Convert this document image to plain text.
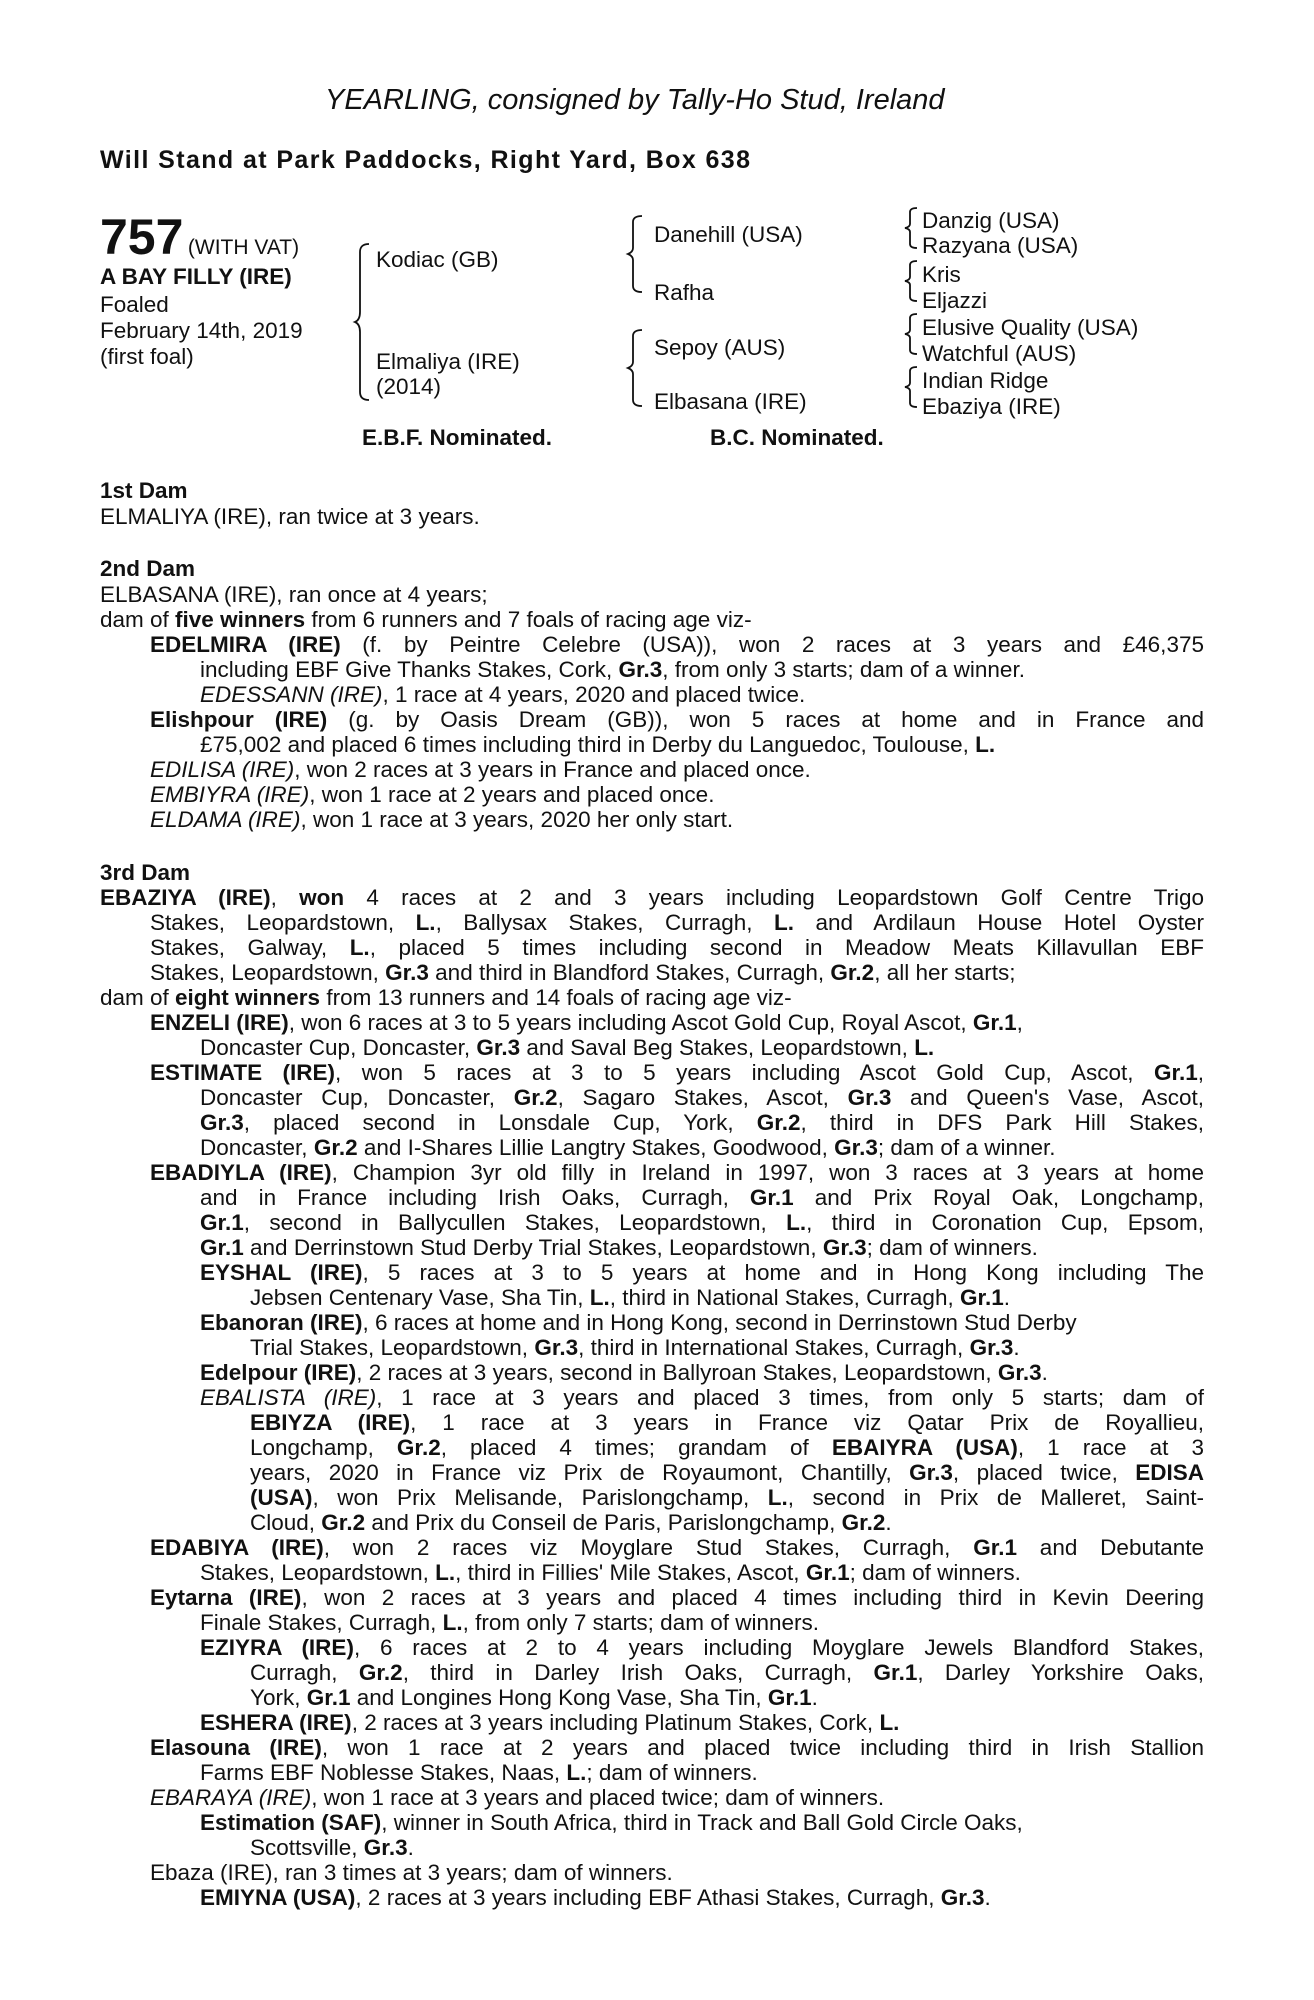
YEARLING, consigned by Tally-Ho Stud, Ireland
Will Stand at Park Paddocks, Right Yard, Box 638
757 (WITH VAT)
A BAY FILLY (IRE)
Foaled
February 14th, 2019
(first foal)
Kodiac (GB)
Elmaliya (IRE)
(2014)
Danehill (USA)
Rafha
Sepoy (AUS)
Elbasana (IRE)
Danzig (USA)
Razyana (USA)
Kris
Eljazzi
Elusive Quality (USA)
Watchful (AUS)
Indian Ridge
Ebaziya (IRE)
E.B.F. Nominated.	B.C. Nominated.
1st Dam
ELMALIYA (IRE), ran twice at 3 years.
2nd Dam
ELBASANA (IRE), ran once at 4 years;
dam of five winners from 6 runners and 7 foals of racing age viz-
EDELMIRA (IRE) (f. by Peintre Celebre (USA)), won 2 races at 3 years and £46,375
including EBF Give Thanks Stakes, Cork, Gr.3, from only 3 starts; dam of a winner.
EDESSANN (IRE), 1 race at 4 years, 2020 and placed twice.
Elishpour (IRE) (g. by Oasis Dream (GB)), won 5 races at home and in France and
£75,002 and placed 6 times including third in Derby du Languedoc, Toulouse, L.
EDILISA (IRE), won 2 races at 3 years in France and placed once.
EMBIYRA (IRE), won 1 race at 2 years and placed once.
ELDAMA (IRE), won 1 race at 3 years, 2020 her only start.
3rd Dam
EBAZIYA (IRE), won 4 races at 2 and 3 years including Leopardstown Golf Centre Trigo
Stakes, Leopardstown, L., Ballysax Stakes, Curragh, L. and Ardilaun House Hotel Oyster
Stakes, Galway, L., placed 5 times including second in Meadow Meats Killavullan EBF
Stakes, Leopardstown, Gr.3 and third in Blandford Stakes, Curragh, Gr.2, all her starts;
dam of eight winners from 13 runners and 14 foals of racing age viz-
ENZELI (IRE), won 6 races at 3 to 5 years including Ascot Gold Cup, Royal Ascot, Gr.1,
Doncaster Cup, Doncaster, Gr.3 and Saval Beg Stakes, Leopardstown, L.
ESTIMATE (IRE), won 5 races at 3 to 5 years including Ascot Gold Cup, Ascot, Gr.1,
Doncaster Cup, Doncaster, Gr.2, Sagaro Stakes, Ascot, Gr.3 and Queen's Vase, Ascot,
Gr.3, placed second in Lonsdale Cup, York, Gr.2, third in DFS Park Hill Stakes,
Doncaster, Gr.2 and I-Shares Lillie Langtry Stakes, Goodwood, Gr.3; dam of a winner.
EBADIYLA (IRE), Champion 3yr old filly in Ireland in 1997, won 3 races at 3 years at home
and in France including Irish Oaks, Curragh, Gr.1 and Prix Royal Oak, Longchamp,
Gr.1, second in Ballycullen Stakes, Leopardstown, L., third in Coronation Cup, Epsom,
Gr.1 and Derrinstown Stud Derby Trial Stakes, Leopardstown, Gr.3; dam of winners.
EYSHAL (IRE), 5 races at 3 to 5 years at home and in Hong Kong including The
Jebsen Centenary Vase, Sha Tin, L., third in National Stakes, Curragh, Gr.1.
Ebanoran (IRE), 6 races at home and in Hong Kong, second in Derrinstown Stud Derby
Trial Stakes, Leopardstown, Gr.3, third in International Stakes, Curragh, Gr.3.
Edelpour (IRE), 2 races at 3 years, second in Ballyroan Stakes, Leopardstown, Gr.3.
EBALISTA (IRE), 1 race at 3 years and placed 3 times, from only 5 starts; dam of
EBIYZA (IRE), 1 race at 3 years in France viz Qatar Prix de Royallieu,
Longchamp, Gr.2, placed 4 times; grandam of EBAIYRA (USA), 1 race at 3
years, 2020 in France viz Prix de Royaumont, Chantilly, Gr.3, placed twice, EDISA
(USA), won Prix Melisande, Parislongchamp, L., second in Prix de Malleret, Saint-
Cloud, Gr.2 and Prix du Conseil de Paris, Parislongchamp, Gr.2.
EDABIYA (IRE), won 2 races viz Moyglare Stud Stakes, Curragh, Gr.1 and Debutante
Stakes, Leopardstown, L., third in Fillies' Mile Stakes, Ascot, Gr.1; dam of winners.
Eytarna (IRE), won 2 races at 3 years and placed 4 times including third in Kevin Deering
Finale Stakes, Curragh, L., from only 7 starts; dam of winners.
EZIYRA (IRE), 6 races at 2 to 4 years including Moyglare Jewels Blandford Stakes,
Curragh, Gr.2, third in Darley Irish Oaks, Curragh, Gr.1, Darley Yorkshire Oaks,
York, Gr.1 and Longines Hong Kong Vase, Sha Tin, Gr.1.
ESHERA (IRE), 2 races at 3 years including Platinum Stakes, Cork, L.
Elasouna (IRE), won 1 race at 2 years and placed twice including third in Irish Stallion
Farms EBF Noblesse Stakes, Naas, L.; dam of winners.
EBARAYA (IRE), won 1 race at 3 years and placed twice; dam of winners.
Estimation (SAF), winner in South Africa, third in Track and Ball Gold Circle Oaks,
Scottsville, Gr.3.
Ebaza (IRE), ran 3 times at 3 years; dam of winners.
EMIYNA (USA), 2 races at 3 years including EBF Athasi Stakes, Curragh, Gr.3.
